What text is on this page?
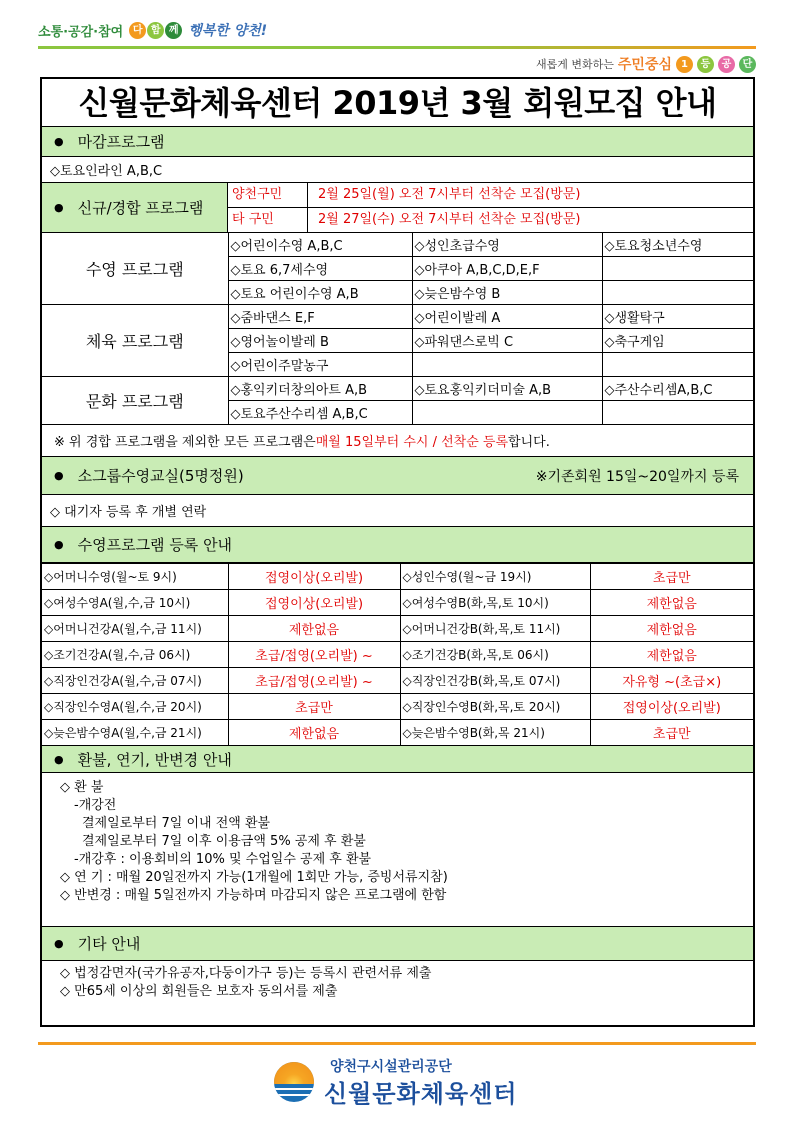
소통·공감·참여 다 함 께 행복한 양천!
새롭게 변화하는 주민중심 1	등	공	단
신월문화체육센터 2019년 3월 회원모집 안내
● 마감프로그램
◇토요인라인 A,B,C
● 신규/경합 프로그램
양천구민	2월 25일(월) 오전 7시부터 선착순 모집(방문)
타 구민	2월 27일(수) 오전 7시부터 선착순 모집(방문)
수영 프로그램	◇어린이수영 A,B,C	◇성인초급수영	◇토요청소년수영
	◇토요 6,7세수영	◇아쿠아 A,B,C,D,E,F	
	◇토요 어린이수영 A,B	◇늦은밤수영 B	
체육 프로그램	◇줌바댄스 E,F	◇어린이발레 A	◇생활탁구
	◇영어놀이발레 B	◇파워댄스로빅 C	◇축구게임
	◇어린이주말농구		
문화 프로그램	◇홍익키더창의아트 A,B	◇토요홍익키더미술 A,B	◇주산수리셈A,B,C
	◇토요주산수리셈 A,B,C		
※ 위 경합 프로그램을 제외한 모든 프로그램은 매월 15일부터 수시 / 선착순 등록 합니다.
● 소그룹수영교실(5명정원)	※기존회원 15일~20일까지 등록
◇ 대기자 등록 후 개별 연락
● 수영프로그램 등록 안내
◇어머니수영(월~토 9시)	접영이상(오리발)	◇성인수영(월~금 19시)	초급만
◇여성수영A(월,수,금 10시)	접영이상(오리발)	◇여성수영B(화,목,토 10시)	제한없음
◇어머니건강A(월,수,금 11시)	제한없음	◇어머니건강B(화,목,토 11시)	제한없음
◇조기건강A(월,수,금 06시)	초급/접영(오리발) ~	◇조기건강B(화,목,토 06시)	제한없음
◇직장인건강A(월,수,금 07시)	초급/접영(오리발) ~	◇직장인건강B(화,목,토 07시)	자유형 ~(초급×)
◇직장인수영A(월,수,금 20시)	초급만	◇직장인수영B(화,목,토 20시)	접영이상(오리발)
◇늦은밤수영A(월,수,금 21시)	제한없음	◇늦은밤수영B(화,목 21시)	초급만
● 환불, 연기, 반변경 안내
◇ 환 불
-개강전
결제일로부터 7일 이내 전액 환불
결제일로부터 7일 이후 이용금액 5% 공제 후 환불
-개강후 : 이용회비의 10% 및 수업일수 공제 후 환불
◇ 연 기 : 매월 20일전까지 가능(1개월에 1회만 가능, 증빙서류지참)
◇ 반변경 : 매월 5일전까지 가능하며 마감되지 않은 프로그램에 한함
● 기타 안내
◇ 법정감면자(국가유공자,다둥이가구 등)는 등록시 관련서류 제출
◇ 만65세 이상의 회원들은 보호자 동의서를 제출
양천구시설관리공단
신월문화체육센터
